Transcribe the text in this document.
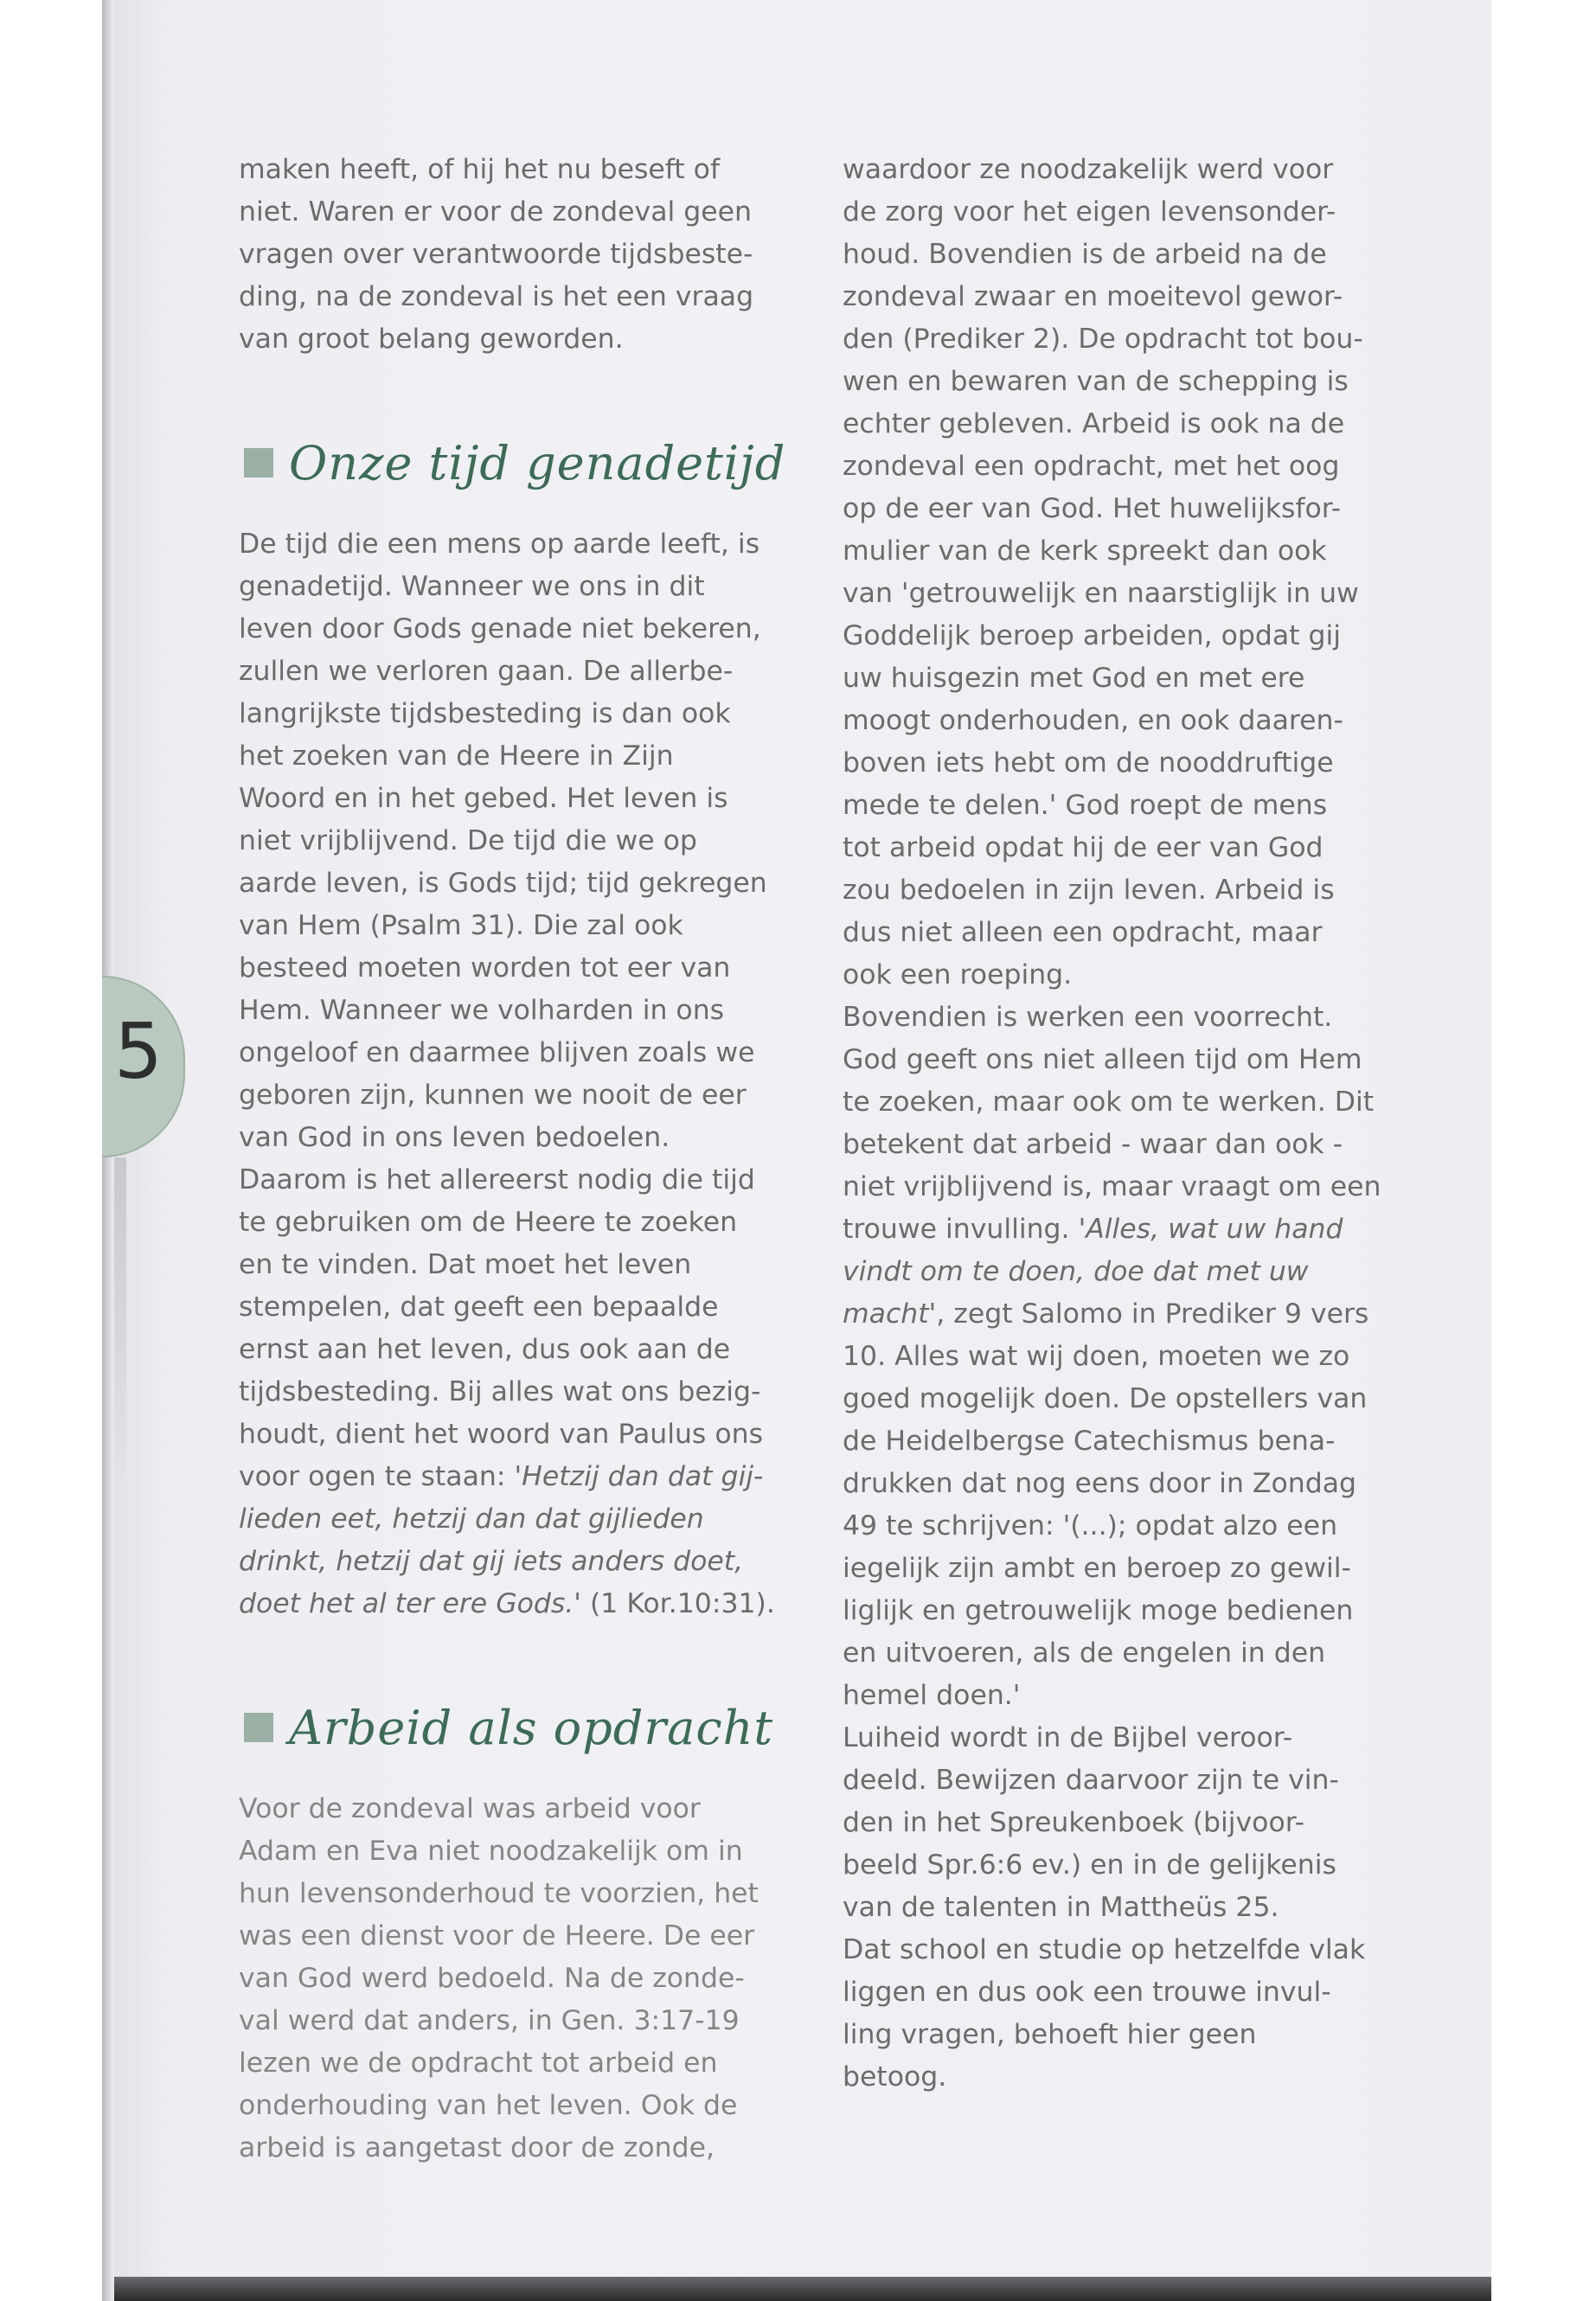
5
maken heeft, of hij het nu beseft of
niet. Waren er voor de zondeval geen
vragen over verantwoorde tijdsbeste-
ding, na de zondeval is het een vraag
van groot belang geworden.
Onze tijd genadetijd
De tijd die een mens op aarde leeft, is
genadetijd. Wanneer we ons in dit
leven door Gods genade niet bekeren,
zullen we verloren gaan. De allerbe-
langrijkste tijdsbesteding is dan ook
het zoeken van de Heere in Zijn
Woord en in het gebed. Het leven is
niet vrijblijvend. De tijd die we op
aarde leven, is Gods tijd; tijd gekregen
van Hem (Psalm 31). Die zal ook
besteed moeten worden tot eer van
Hem. Wanneer we volharden in ons
ongeloof en daarmee blijven zoals we
geboren zijn, kunnen we nooit de eer
van God in ons leven bedoelen.
Daarom is het allereerst nodig die tijd
te gebruiken om de Heere te zoeken
en te vinden. Dat moet het leven
stempelen, dat geeft een bepaalde
ernst aan het leven, dus ook aan de
tijdsbesteding. Bij alles wat ons bezig-
houdt, dient het woord van Paulus ons
voor ogen te staan: 'Hetzij dan dat gij-
lieden eet, hetzij dan dat gijlieden
drinkt, hetzij dat gij iets anders doet,
doet het al ter ere Gods.' (1 Kor.10:31).
Arbeid als opdracht
Voor de zondeval was arbeid voor
Adam en Eva niet noodzakelijk om in
hun levensonderhoud te voorzien, het
was een dienst voor de Heere. De eer
van God werd bedoeld. Na de zonde-
val werd dat anders, in Gen. 3:17-19
lezen we de opdracht tot arbeid en
onderhouding van het leven. Ook de
arbeid is aangetast door de zonde,
waardoor ze noodzakelijk werd voor
de zorg voor het eigen levensonder-
houd. Bovendien is de arbeid na de
zondeval zwaar en moeitevol gewor-
den (Prediker 2). De opdracht tot bou-
wen en bewaren van de schepping is
echter gebleven. Arbeid is ook na de
zondeval een opdracht, met het oog
op de eer van God. Het huwelijksfor-
mulier van de kerk spreekt dan ook
van 'getrouwelijk en naarstiglijk in uw
Goddelijk beroep arbeiden, opdat gij
uw huisgezin met God en met ere
moogt onderhouden, en ook daaren-
boven iets hebt om de nooddruftige
mede te delen.' God roept de mens
tot arbeid opdat hij de eer van God
zou bedoelen in zijn leven. Arbeid is
dus niet alleen een opdracht, maar
ook een roeping.
Bovendien is werken een voorrecht.
God geeft ons niet alleen tijd om Hem
te zoeken, maar ook om te werken. Dit
betekent dat arbeid - waar dan ook -
niet vrijblijvend is, maar vraagt om een
trouwe invulling. 'Alles, wat uw hand
vindt om te doen, doe dat met uw
macht', zegt Salomo in Prediker 9 vers
10. Alles wat wij doen, moeten we zo
goed mogelijk doen. De opstellers van
de Heidelbergse Catechismus bena-
drukken dat nog eens door in Zondag
49 te schrijven: '(...); opdat alzo een
iegelijk zijn ambt en beroep zo gewil-
liglijk en getrouwelijk moge bedienen
en uitvoeren, als de engelen in den
hemel doen.'
Luiheid wordt in de Bijbel veroor-
deeld. Bewijzen daarvoor zijn te vin-
den in het Spreukenboek (bijvoor-
beeld Spr.6:6 ev.) en in de gelijkenis
van de talenten in Mattheüs 25.
Dat school en studie op hetzelfde vlak
liggen en dus ook een trouwe invul-
ling vragen, behoeft hier geen
betoog.
